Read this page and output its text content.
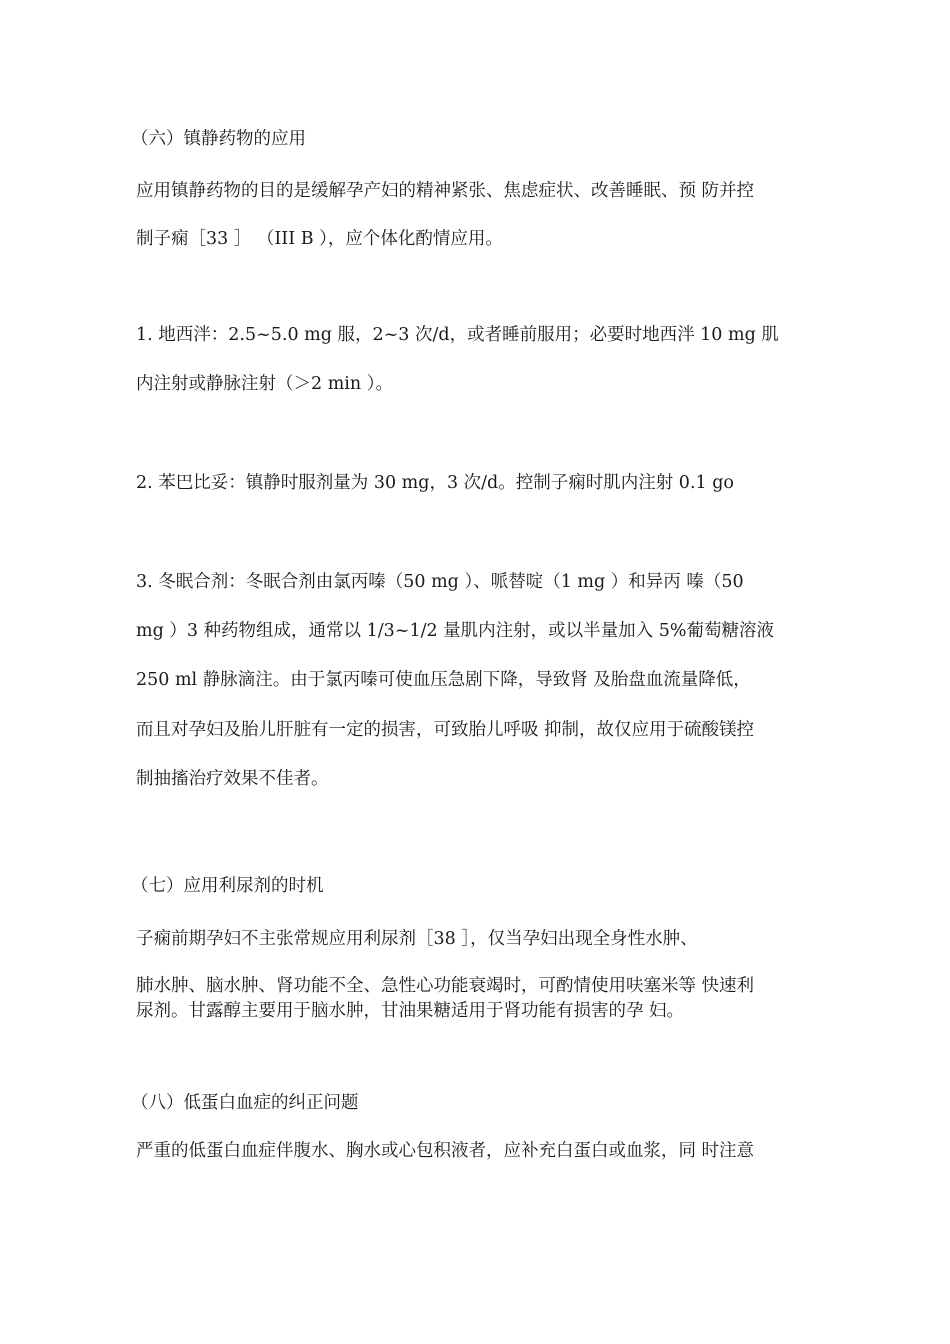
（六）镇静药物的应用
应用镇静药物的目的是缓解孕产妇的精神紧张、焦虑症状、改善睡眠、预 防并控
制子痫［33 ］ （III B ），应个体化酌情应用。
1. 地西泮：2.5~5.0 mg 服，2~3 次/d，或者睡前服用；必要时地西泮 10 mg 肌
内注射或静脉注射（＞2 min ）。
2. 苯巴比妥：镇静时服剂量为 30 mg，3 次/d。控制子痫时肌内注射 0.1 go
3. 冬眠合剂：冬眠合剂由氯丙嗪（50 mg ）、哌替啶（1 mg ）和异丙 嗪（50
mg ）3 种药物组成，通常以 1/3~1/2 量肌内注射，或以半量加入 5%葡萄糖溶液
250 ml 静脉滴注。由于氯丙嗪可使血压急剧下降，导致肾 及胎盘血流量降低，
而且对孕妇及胎儿肝脏有一定的损害，可致胎儿呼吸 抑制，故仅应用于硫酸镁控
制抽搐治疗效果不佳者。
（七）应用利尿剂的时机
子痫前期孕妇不主张常规应用利尿剂［38 ］，仅当孕妇出现全身性水肿、
肺水肿、脑水肿、肾功能不全、急性心功能衰竭时，可酌情使用呋塞米等 快速利
尿剂。甘露醇主要用于脑水肿，甘油果糖适用于肾功能有损害的孕 妇。
（八）低蛋白血症的纠正问题
严重的低蛋白血症伴腹水、胸水或心包积液者，应补充白蛋白或血浆，同 时注意
